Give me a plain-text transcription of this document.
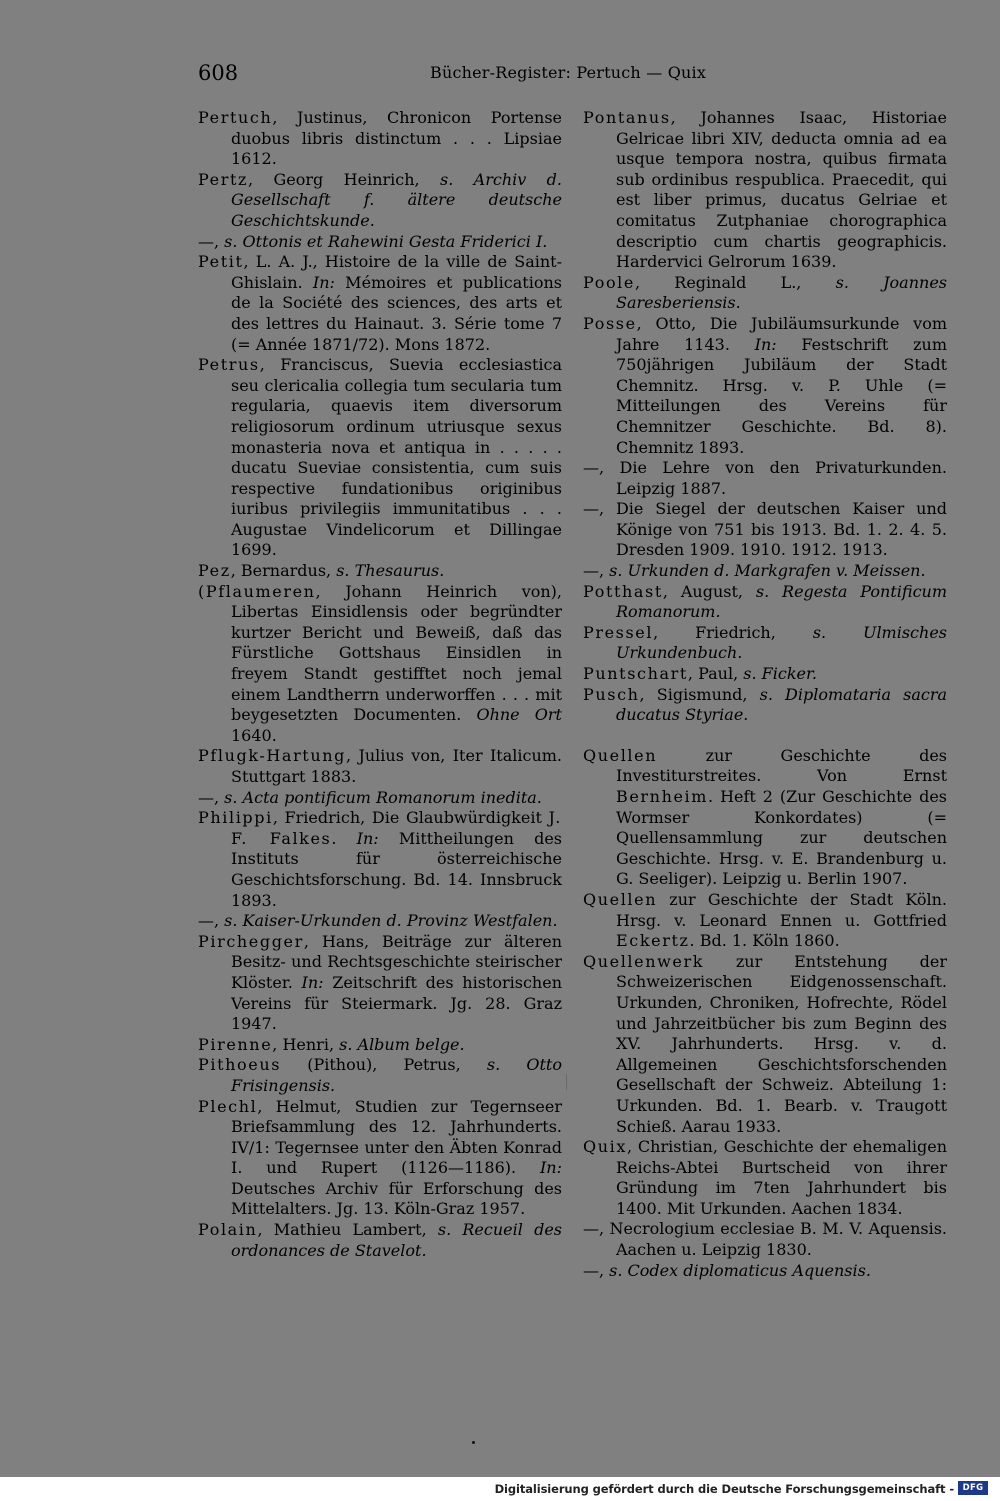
608	Bücher-Register: Pertuch — Quix
Pertuch, Justinus, Chronicon Portense duobus libris distinctum . . . Lipsiae 1612.
Pertz, Georg Heinrich, s. Archiv d. Gesellschaft f. ältere deutsche Geschichtskunde.
—, s. Ottonis et Rahewini Gesta Friderici I.
Petit, L. A. J., Histoire de la ville de Saint-Ghislain. In: Mémoires et publications de la Société des sciences, des arts et des lettres du Hainaut. 3. Série tome 7 (= Année 1871/72). Mons 1872.
Petrus, Franciscus, Suevia ecclesiastica seu clericalia collegia tum secularia tum regularia, quaevis item diversorum religiosorum ordinum utriusque sexus monasteria nova et antiqua in . . . . . ducatu Sueviae consistentia, cum suis respective fundationibus originibus iuribus privilegiis immunitatibus . . . Augustae Vindelicorum et Dillingae 1699.
Pez, Bernardus, s. Thesaurus.
(Pflaumeren, Johann Heinrich von), Libertas Einsidlensis oder begründter kurtzer Bericht und Beweiß, daß das Fürstliche Gottshaus Einsidlen in freyem Standt gestifftet noch jemal einem Landtherrn underworffen . . . mit beygesetzten Documenten. Ohne Ort 1640.
Pflugk-Hartung, Julius von, Iter Italicum. Stuttgart 1883.
—, s. Acta pontificum Romanorum inedita.
Philippi, Friedrich, Die Glaubwürdigkeit J. F. Falkes. In: Mittheilungen des Instituts für österreichische Geschichtsforschung. Bd. 14. Innsbruck 1893.
—, s. Kaiser-Urkunden d. Provinz Westfalen.
Pirchegger, Hans, Beiträge zur älteren Besitz- und Rechtsgeschichte steirischer Klöster. In: Zeitschrift des historischen Vereins für Steiermark. Jg. 28. Graz 1947.
Pirenne, Henri, s. Album belge.
Pithoeus (Pithou), Petrus, s. Otto Frisingensis.
Plechl, Helmut, Studien zur Tegernseer Briefsammlung des 12. Jahrhunderts. IV/1: Tegernsee unter den Äbten Konrad I. und Rupert (1126—1186). In: Deutsches Archiv für Erforschung des Mittelalters. Jg. 13. Köln-Graz 1957.
Polain, Mathieu Lambert, s. Recueil des ordonances de Stavelot.
Pontanus, Johannes Isaac, Historiae Gelricae libri XIV, deducta omnia ad ea usque tempora nostra, quibus firmata sub ordinibus respublica. Praecedit, qui est liber primus, ducatus Gelriae et comitatus Zutphaniae chorographica descriptio cum chartis geographicis. Hardervici Gelrorum 1639.
Poole, Reginald L., s. Joannes Saresberiensis.
Posse, Otto, Die Jubiläumsurkunde vom Jahre 1143. In: Festschrift zum 750jährigen Jubiläum der Stadt Chemnitz. Hrsg. v. P. Uhle (= Mitteilungen des Vereins für Chemnitzer Geschichte. Bd. 8). Chemnitz 1893.
—, Die Lehre von den Privaturkunden. Leipzig 1887.
—, Die Siegel der deutschen Kaiser und Könige von 751 bis 1913. Bd. 1. 2. 4. 5. Dresden 1909. 1910. 1912. 1913.
—, s. Urkunden d. Markgrafen v. Meissen.
Potthast, August, s. Regesta Pontificum Romanorum.
Pressel, Friedrich, s. Ulmisches Urkundenbuch.
Puntschart, Paul, s. Ficker.
Pusch, Sigismund, s. Diplomataria sacra ducatus Styriae.
Quellen zur Geschichte des Investiturstreites. Von Ernst Bernheim. Heft 2 (Zur Geschichte des Wormser Konkordates) (= Quellensammlung zur deutschen Geschichte. Hrsg. v. E. Brandenburg u. G. Seeliger). Leipzig u. Berlin 1907.
Quellen zur Geschichte der Stadt Köln. Hrsg. v. Leonard Ennen u. Gottfried Eckertz. Bd. 1. Köln 1860.
Quellenwerk zur Entstehung der Schweizerischen Eidgenossenschaft. Urkunden, Chroniken, Hofrechte, Rödel und Jahrzeitbücher bis zum Beginn des XV. Jahrhunderts. Hrsg. v. d. Allgemeinen Geschichtsforschenden Gesellschaft der Schweiz. Abteilung 1: Urkunden. Bd. 1. Bearb. v. Traugott Schieß. Aarau 1933.
Quix, Christian, Geschichte der ehemaligen Reichs-Abtei Burtscheid von ihrer Gründung im 7ten Jahrhundert bis 1400. Mit Urkunden. Aachen 1834.
—, Necrologium ecclesiae B. M. V. Aquensis. Aachen u. Leipzig 1830.
—, s. Codex diplomaticus Aquensis.
Digitalisierung gefördert durch die Deutsche Forschungsgemeinschaft -	DFG
